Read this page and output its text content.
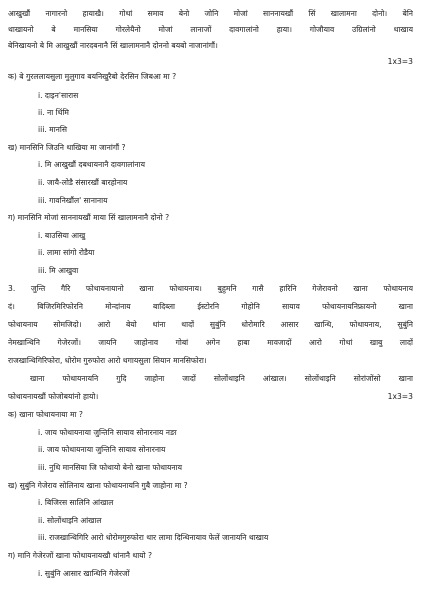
आखुखौं नागारनो हायाखै। गोथां समाव बेनो जोनि मोजां साननायखौं सिं खालामना दोनो। बेनि
थाखायनो बे मानसिया गोरलेयैनो मोजां लानाजों दावगालांनो हाया। गोजौयाव उग्रिलांनो थाखाय
बेनिखायनो बे मि आखुखौं नारदबनानै सिं खालामनानै दोननो बयबो नाजानांगौं।
1x3=3
क) बे गुरललायसुला मुलुगाव बयनिखुरैबो देरसिन जिबआ मा ?
i. दाइन'सारास
ii. ना थिंमि
iii. मानसि
ख) मानसिनि जिउनि थाखिया मा जानांगौं ?
i. मि आखुखौं दबथायनानै दावगालांनाय
ii. जायै-लोडै संसारखौं बारहोनाय
iii. गावनिखौंल' सानानाय
ग) मानसिनि मोजां साननायखौं माया सिं खालामनानै दोनो ?
i. बाउसिया आखु
ii. लामा सांगो रोडैया
iii. मि आखुवा
3. जुन्ति गैरि फोथायनायानो खाना फोथायनाय। बुहुमनि गासै हारिनि गेजेरावनो खाना फोथायनाय
दं। बिजिरमिरिफोरनि मोन्दांनाय बादिब्ला ईस्टोरनि गोहोनि सायाव फोथायनायनिफ्रायनो खाना
फोथायनाय सोमजिदो। आरो बेयो थांना थादों सुबुंनि धोरोमारि आसार खान्थि, फोथायनाय, सुबुंनि
नेमखान्थिनि गेजेरजों। जायनि जाहोनाव गोबां अगेन हाबा मावजादों आरो गोथां खाबु लादों
राजखान्थिगिरिफोरा, धोरोम गुरुफोरा आरो थगायसुला सियान मानसिफोरा।
खाना फोथायनायनि गुदि जाहोना जादों सोलोंथाइनि आंखाल। सोलोंथाइनि सोरांजोंसो खाना
फोथायनायखौं फोजोबयांनो हायो।	1x3=3
क) खाना फोथायनाया मा ?
i. जाय फोथायनाया जुन्तिनि सायाव सोनारनाय नङा
ii. जाय फोथायनाया जुन्तिनि सायाव सोनारनाय
iii. नुथि मानसिया जि फोथायो बेनो खाना फोथायनाय
ख) सुबुंनि गेजेराव सोलिनाय खाना फोथायनायनि गुबै जाहोना मा ?
i. बिजिरस सालिनि आंखाल
ii. सोलोंथाइनि आंखाल
iii. राजखान्थिगिरि आरो धोरोमगुरुफोरा थार लामा दिन्थिनायाव फेलें जानायनि थाखाय
ग) मानि गेजेरजों खाना फोथायनायखौ थांनानै थायो ?
i. सुबुंनि आसार खान्थिनि गेजेरजों
